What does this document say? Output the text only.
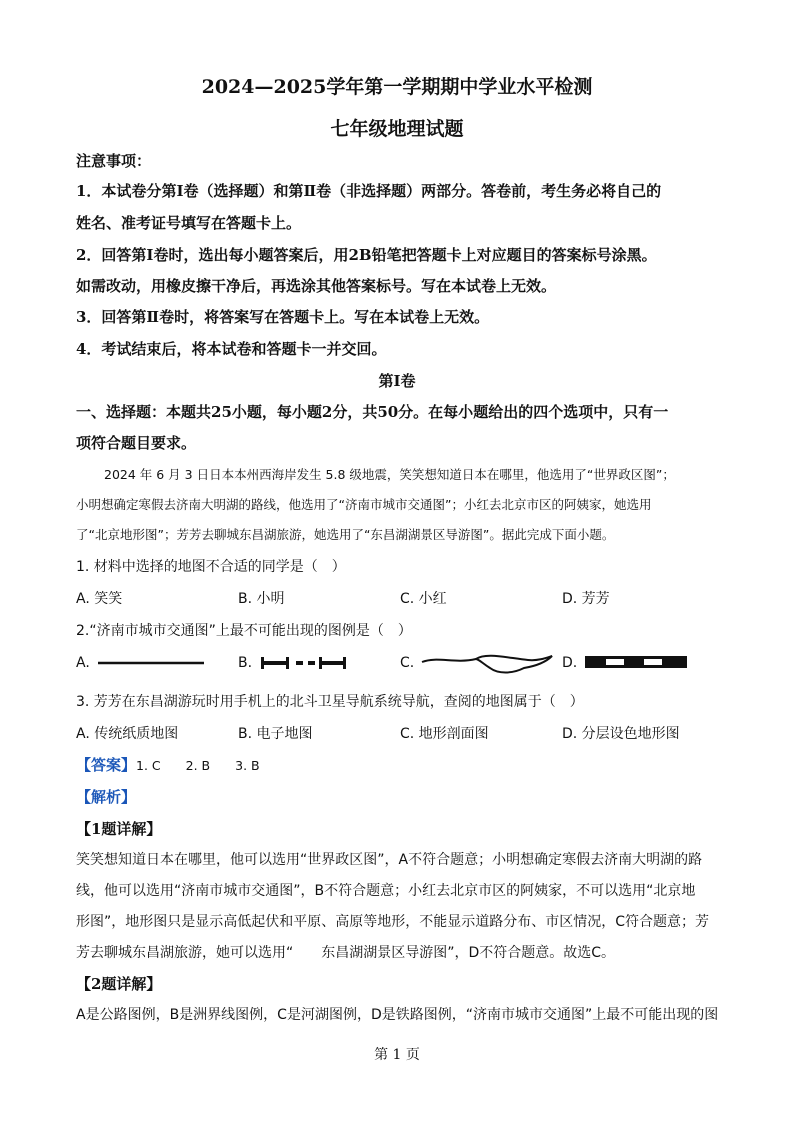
2024—2025学年第一学期期中学业水平检测
七年级地理试题
注意事项：
1．本试卷分第Ⅰ卷（选择题）和第Ⅱ卷（非选择题）两部分。答卷前，考生务必将自己的
姓名、准考证号填写在答题卡上。
2．回答第Ⅰ卷时，选出每小题答案后，用2B铅笔把答题卡上对应题目的答案标号涂黑。
如需改动，用橡皮擦干净后，再选涂其他答案标号。写在本试卷上无效。
3．回答第Ⅱ卷时，将答案写在答题卡上。写在本试卷上无效。
4．考试结束后，将本试卷和答题卡一并交回。
第Ⅰ卷
一、选择题：本题共25小题，每小题2分，共50分。在每小题给出的四个选项中，只有一
项符合题目要求。
2024 年 6 月 3 日日本本州西海岸发生 5.8 级地震，笑笑想知道日本在哪里，他选用了“世界政区图”；
小明想确定寒假去济南大明湖的路线，他选用了“济南市城市交通图”；小红去北京市区的阿姨家，她选用
了“北京地形图”；芳芳去聊城东昌湖旅游，她选用了“东昌湖湖景区导游图”。据此完成下面小题。
1. 材料中选择的地图不合适的同学是（　）
A. 笑笑	B. 小明	C. 小红	D. 芳芳
2.“济南市城市交通图”上最不可能出现的图例是（　）
A.	B.	C.	D.
3. 芳芳在东昌湖游玩时用手机上的北斗卫星导航系统导航，查阅的地图属于（　）
A. 传统纸质地图	B. 电子地图	C. 地形剖面图	D. 分层设色地形图
【答案】1. C　　2. B　　3. B
【解析】
【1题详解】
笑笑想知道日本在哪里，他可以选用“世界政区图”，A不符合题意；小明想确定寒假去济南大明湖的路
线，他可以选用“济南市城市交通图”，B不符合题意；小红去北京市区的阿姨家，不可以选用“北京地
形图”，地形图只是显示高低起伏和平原、高原等地形，不能显示道路分布、市区情况，C符合题意；芳
芳去聊城东昌湖旅游，她可以选用“　　东昌湖湖景区导游图”，D不符合题意。故选C。
【2题详解】
A是公路图例，B是洲界线图例，C是河湖图例，D是铁路图例，“济南市城市交通图”上最不可能出现的图
第 1 页
